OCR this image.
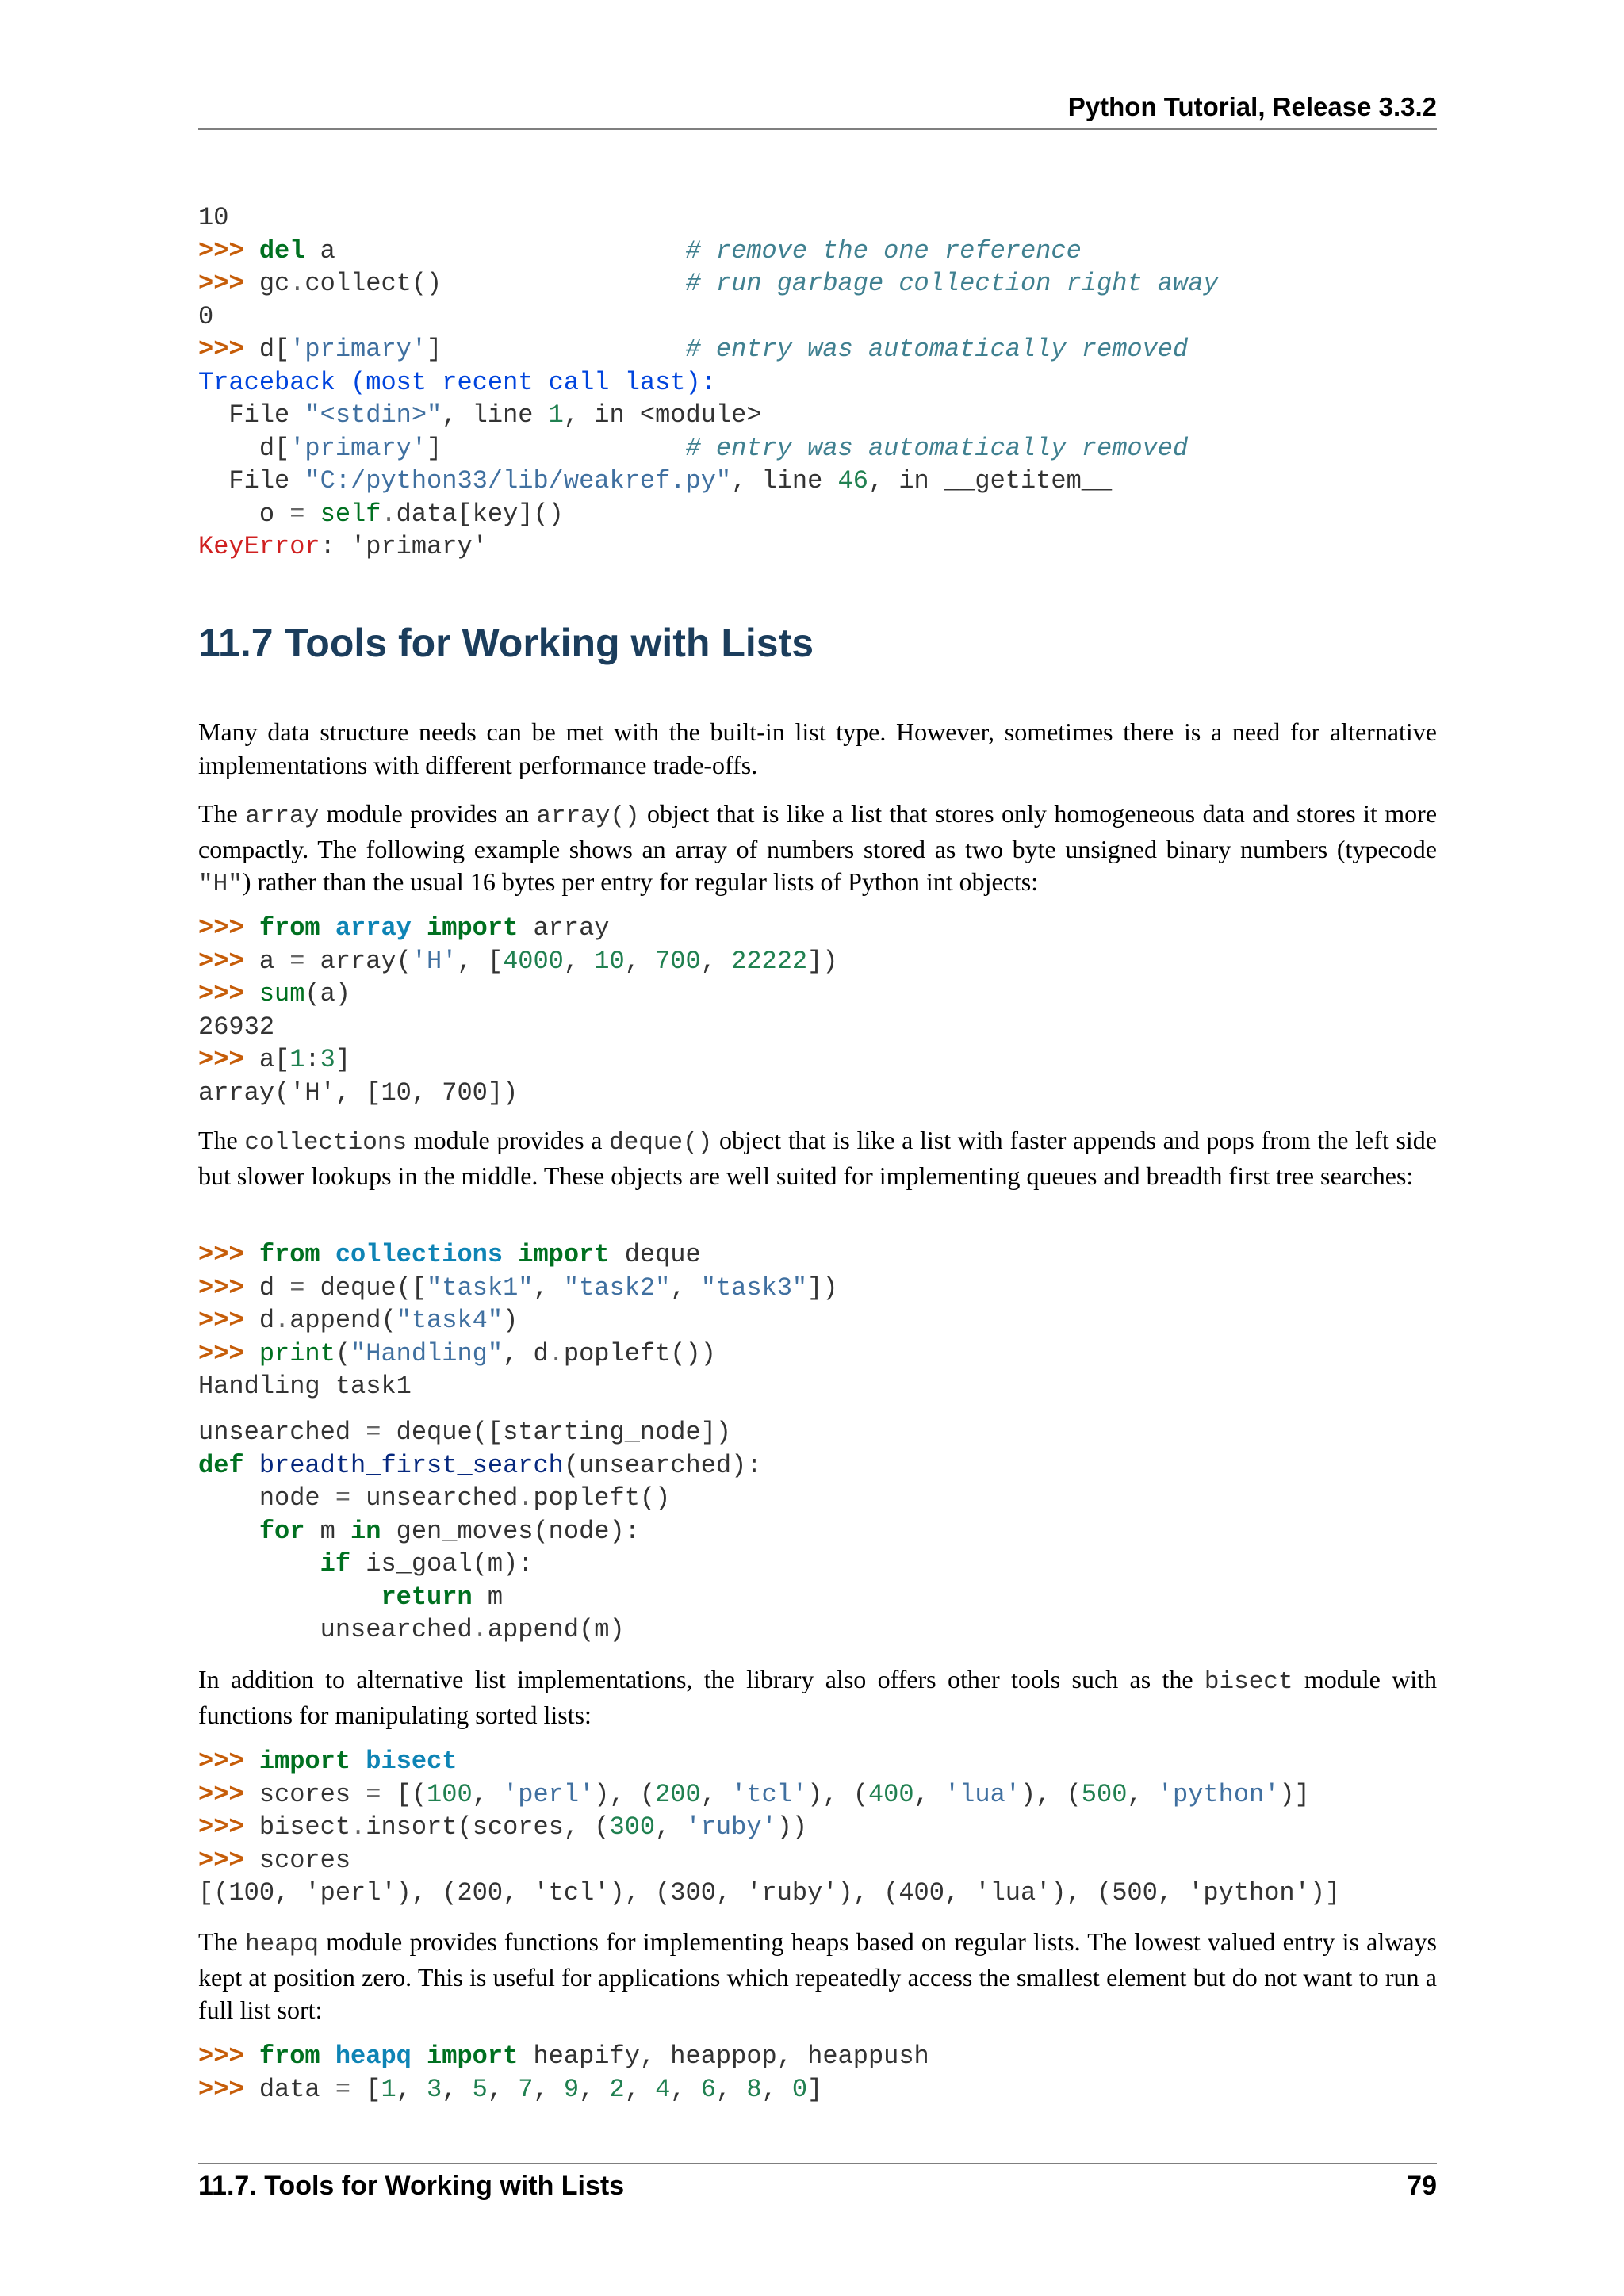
Python Tutorial, Release 3.3.2
10
>>> del a                       # remove the one reference
>>> gc.collect()                # run garbage collection right away
0
>>> d['primary']                # entry was automatically removed
Traceback (most recent call last):
File "<stdin>", line 1, in <module>
d['primary']                # entry was automatically removed
File "C:/python33/lib/weakref.py", line 46, in __getitem__
o = self.data[key]()
KeyError: 'primary'
11.7 Tools for Working with Lists

Many data structure needs can be met with the built-in list type. However, sometimes there is a need for alternative implementations with different performance trade-offs.

The array module provides an array() object that is like a list that stores only homogeneous data and stores it more compactly. The following example shows an array of numbers stored as two byte unsigned binary numbers (typecode "H") rather than the usual 16 bytes per entry for regular lists of Python int objects:

>>> from array import array
>>> a = array('H', [4000, 10, 700, 22222])
>>> sum(a)
26932
>>> a[1:3]
array('H', [10, 700])

The collections module provides a deque() object that is like a list with faster appends and pops from the left side but slower lookups in the middle. These objects are well suited for implementing queues and breadth first tree searches:

>>> from collections import deque
>>> d = deque(["task1", "task2", "task3"])
>>> d.append("task4")
>>> print("Handling", d.popleft())
Handling task1
unsearched = deque([starting_node])
def breadth_first_search(unsearched):
node = unsearched.popleft()
for m in gen_moves(node):
if is_goal(m):
return m
unsearched.append(m)

In addition to alternative list implementations, the library also offers other tools such as the bisect module with functions for manipulating sorted lists:

>>> import bisect
>>> scores = [(100, 'perl'), (200, 'tcl'), (400, 'lua'), (500, 'python')]
>>> bisect.insort(scores, (300, 'ruby'))
>>> scores
[(100, 'perl'), (200, 'tcl'), (300, 'ruby'), (400, 'lua'), (500, 'python')]

The heapq module provides functions for implementing heaps based on regular lists. The lowest valued entry is always kept at position zero. This is useful for applications which repeatedly access the smallest element but do not want to run a full list sort:

>>> from heapq import heapify, heappop, heappush
>>> data = [1, 3, 5, 7, 9, 2, 4, 6, 8, 0]
11.7. Tools for Working with Lists	79
